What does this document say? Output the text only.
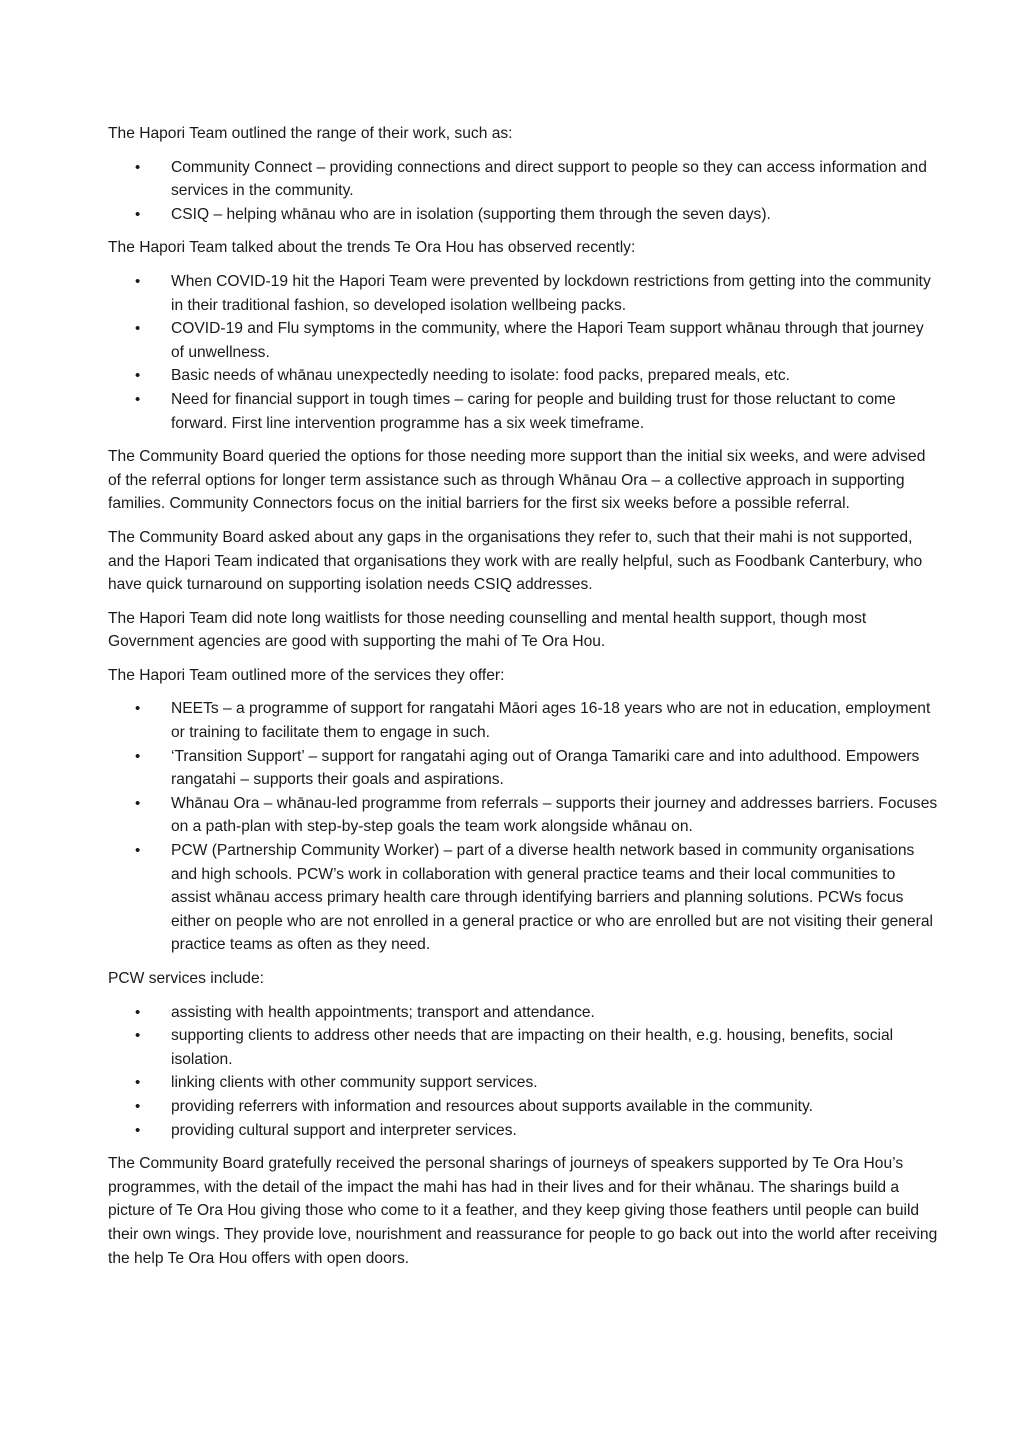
The Hapori Team outlined the range of their work, such as:

• Community Connect – providing connections and direct support to people so they can access information and services in the community.
• CSIQ – helping whānau who are in isolation (supporting them through the seven days).

The Hapori Team talked about the trends Te Ora Hou has observed recently:

• When COVID-19 hit the Hapori Team were prevented by lockdown restrictions from getting into the community in their traditional fashion, so developed isolation wellbeing packs.
• COVID-19 and Flu symptoms in the community, where the Hapori Team support whānau through that journey of unwellness.
• Basic needs of whānau unexpectedly needing to isolate: food packs, prepared meals, etc.
• Need for financial support in tough times – caring for people and building trust for those reluctant to come forward. First line intervention programme has a six week timeframe.

The Community Board queried the options for those needing more support than the initial six weeks, and were advised of the referral options for longer term assistance such as through Whānau Ora – a collective approach in supporting families. Community Connectors focus on the initial barriers for the first six weeks before a possible referral.

The Community Board asked about any gaps in the organisations they refer to, such that their mahi is not supported, and the Hapori Team indicated that organisations they work with are really helpful, such as Foodbank Canterbury, who have quick turnaround on supporting isolation needs CSIQ addresses.

The Hapori Team did note long waitlists for those needing counselling and mental health support, though most Government agencies are good with supporting the mahi of Te Ora Hou.

The Hapori Team outlined more of the services they offer:

• NEETs – a programme of support for rangatahi Māori ages 16-18 years who are not in education, employment or training to facilitate them to engage in such.
• ‘Transition Support’ – support for rangatahi aging out of Oranga Tamariki care and into adulthood. Empowers rangatahi – supports their goals and aspirations.
• Whānau Ora – whānau-led programme from referrals – supports their journey and addresses barriers. Focuses on a path-plan with step-by-step goals the team work alongside whānau on.
• PCW (Partnership Community Worker) – part of a diverse health network based in community organisations and high schools. PCW’s work in collaboration with general practice teams and their local communities to assist whānau access primary health care through identifying barriers and planning solutions. PCWs focus either on people who are not enrolled in a general practice or who are enrolled but are not visiting their general practice teams as often as they need.

PCW services include:

• assisting with health appointments; transport and attendance.
• supporting clients to address other needs that are impacting on their health, e.g. housing, benefits, social isolation.
• linking clients with other community support services.
• providing referrers with information and resources about supports available in the community.
• providing cultural support and interpreter services.

The Community Board gratefully received the personal sharings of journeys of speakers supported by Te Ora Hou’s programmes, with the detail of the impact the mahi has had in their lives and for their whānau. The sharings build a picture of Te Ora Hou giving those who come to it a feather, and they keep giving those feathers until people can build their own wings. They provide love, nourishment and reassurance for people to go back out into the world after receiving the help Te Ora Hou offers with open doors.
